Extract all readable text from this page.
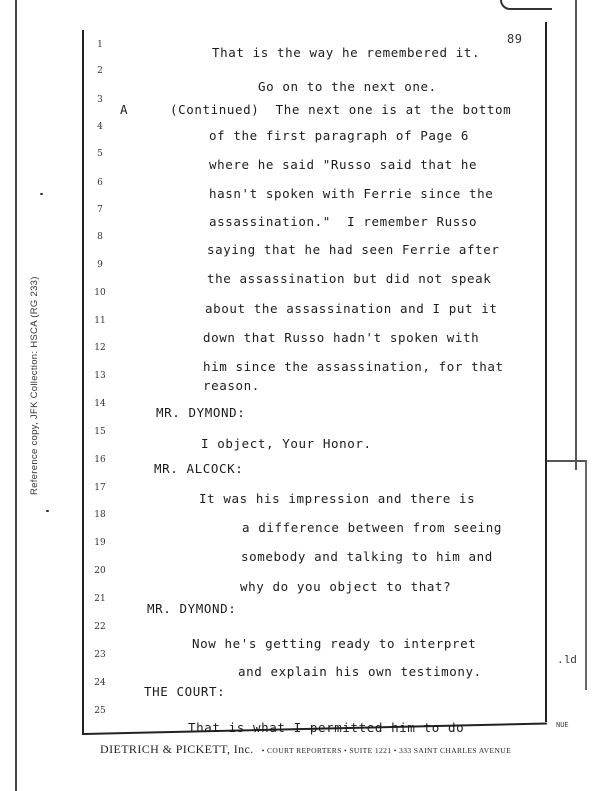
Reference copy, JFK Collection: HSCA (RG 233)
89
1
2
3
4
5
6
7
8
9
10
11
12
13
14
15
16
17
18
19
20
21
22
23
24
25
That is the way he remembered it.
Go on to the next one.
A	(Continued)  The next one is at the bottom
of the first paragraph of Page 6
where he said "Russo said that he
hasn't spoken with Ferrie since the
assassination."  I remember Russo
saying that he had seen Ferrie after
the assassination but did not speak
about the assassination and I put it
down that Russo hadn't spoken with
him since the assassination, for that
reason.
MR. DYMOND:
I object, Your Honor.
MR. ALCOCK:
It was his impression and there is
a difference between from seeing
somebody and talking to him and
why do you object to that?
MR. DYMOND:
Now he's getting ready to interpret
and explain his own testimony.
THE COURT:
That is what I permitted him to do
.ld
NUE
DIETRICH & PICKETT, Inc. • COURT REPORTERS • SUITE 1221 • 333 SAINT CHARLES AVENUE
